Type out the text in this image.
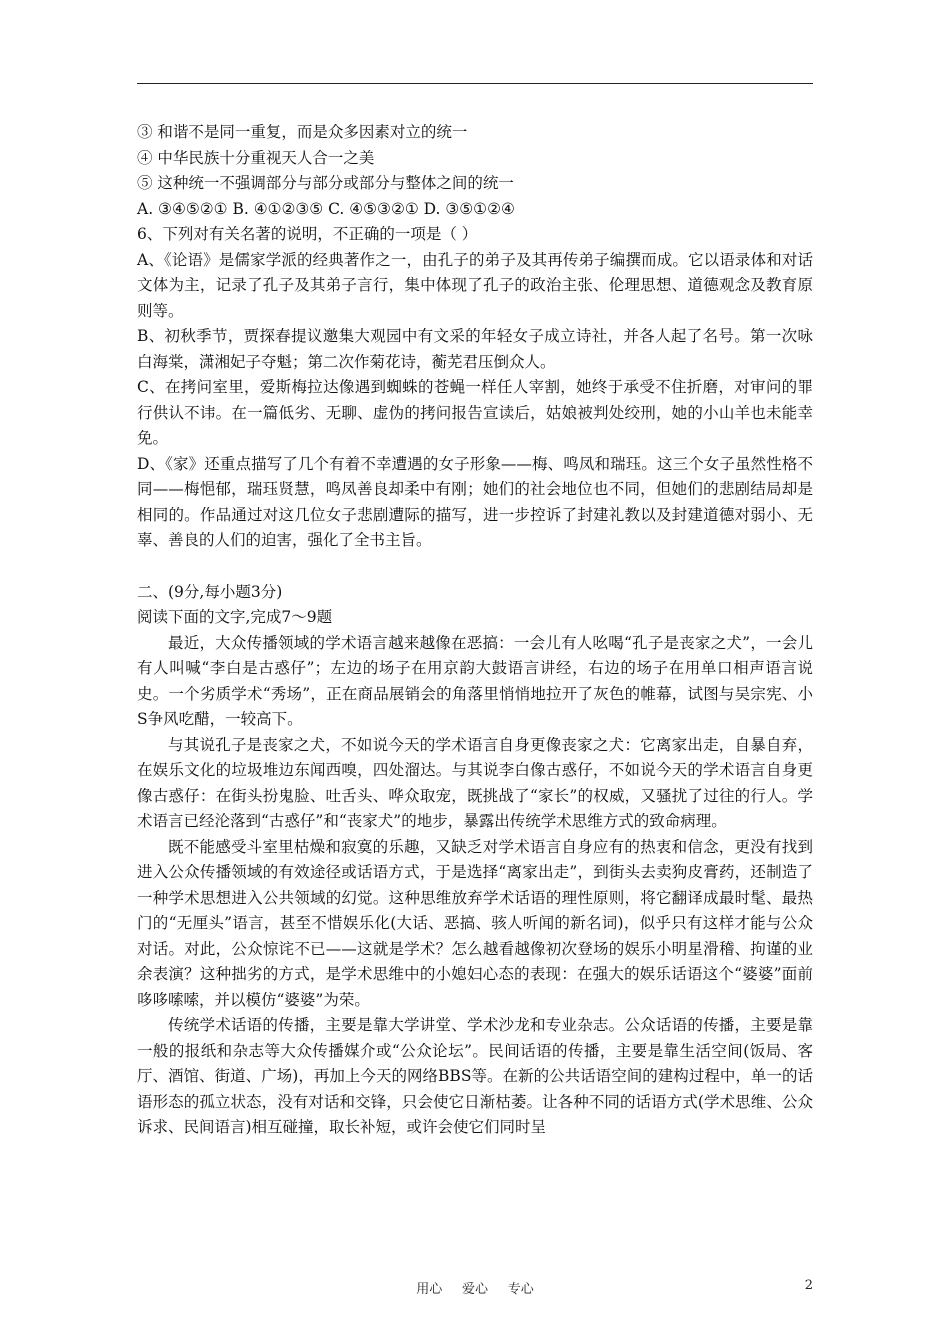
③ 和谐不是同一重复，而是众多因素对立的统一

④ 中华民族十分重视天人合一之美

⑤ 这种统一不强调部分与部分或部分与整体之间的统一

A. ③④⑤②① B. ④①②③⑤ C. ④⑤③②① D. ③⑤①②④

6、下列对有关名著的说明，不正确的一项是（ ）

A、《论语》是儒家学派的经典著作之一，由孔子的弟子及其再传弟子编撰而成。它以语录体和对话文体为主，记录了孔子及其弟子言行，集中体现了孔子的政治主张、伦理思想、道德观念及教育原则等。

B、初秋季节，贾探春提议邀集大观园中有文采的年轻女子成立诗社，并各人起了名号。第一次咏白海棠，潇湘妃子夺魁；第二次作菊花诗，蘅芜君压倒众人。

C、在拷问室里，爱斯梅拉达像遇到蜘蛛的苍蝇一样任人宰割，她终于承受不住折磨，对审问的罪行供认不讳。在一篇低劣、无聊、虚伪的拷问报告宣读后，姑娘被判处绞刑，她的小山羊也未能幸免。

D、《家》还重点描写了几个有着不幸遭遇的女子形象——梅、鸣凤和瑞珏。这三个女子虽然性格不同——梅悒郁，瑞珏贤慧，鸣凤善良却柔中有刚；她们的社会地位也不同，但她们的悲剧结局却是相同的。作品通过对这几位女子悲剧遭际的描写，进一步控诉了封建礼教以及封建道德对弱小、无辜、善良的人们的迫害，强化了全书主旨。

二、(9分,每小题3分)

阅读下面的文字,完成7～9题

最近，大众传播领域的学术语言越来越像在恶搞：一会儿有人吆喝“孔子是丧家之犬”，一会儿有人叫喊“李白是古惑仔”；左边的场子在用京韵大鼓语言讲经，右边的场子在用单口相声语言说史。一个劣质学术“秀场”，正在商品展销会的角落里悄悄地拉开了灰色的帷幕，试图与吴宗宪、小S争风吃醋，一较高下。

与其说孔子是丧家之犬，不如说今天的学术语言自身更像丧家之犬：它离家出走，自暴自弃，在娱乐文化的垃圾堆边东闻西嗅，四处溜达。与其说李白像古惑仔，不如说今天的学术语言自身更像古惑仔：在街头扮鬼脸、吐舌头、哗众取宠，既挑战了“家长”的权威，又骚扰了过往的行人。学术语言已经沦落到“古惑仔”和“丧家犬”的地步，暴露出传统学术思维方式的致命病理。

既不能感受斗室里枯燥和寂寞的乐趣，又缺乏对学术语言自身应有的热衷和信念，更没有找到进入公众传播领域的有效途径或话语方式，于是选择“离家出走”，到街头去卖狗皮膏药，还制造了一种学术思想进入公共领域的幻觉。这种思维放弃学术话语的理性原则，将它翻译成最时髦、最热门的“无厘头”语言，甚至不惜娱乐化(大话、恶搞、骇人听闻的新名词)，似乎只有这样才能与公众对话。对此，公众惊诧不已——这就是学术？怎么越看越像初次登场的娱乐小明星滑稽、拘谨的业余表演？这种拙劣的方式，是学术思维中的小媳妇心态的表现：在强大的娱乐话语这个“婆婆”面前哆哆嗦嗦，并以模仿“婆婆”为荣。

传统学术话语的传播，主要是靠大学讲堂、学术沙龙和专业杂志。公众话语的传播，主要是靠一般的报纸和杂志等大众传播媒介或“公众论坛”。民间话语的传播，主要是靠生活空间(饭局、客厅、酒馆、街道、广场)，再加上今天的网络BBS等。在新的公共话语空间的建构过程中，单一的话语形态的孤立状态，没有对话和交锋，只会使它日渐枯萎。让各种不同的话语方式(学术思维、公众诉求、民间语言)相互碰撞，取长补短，或许会使它们同时呈

用心 爱心 专心	2
